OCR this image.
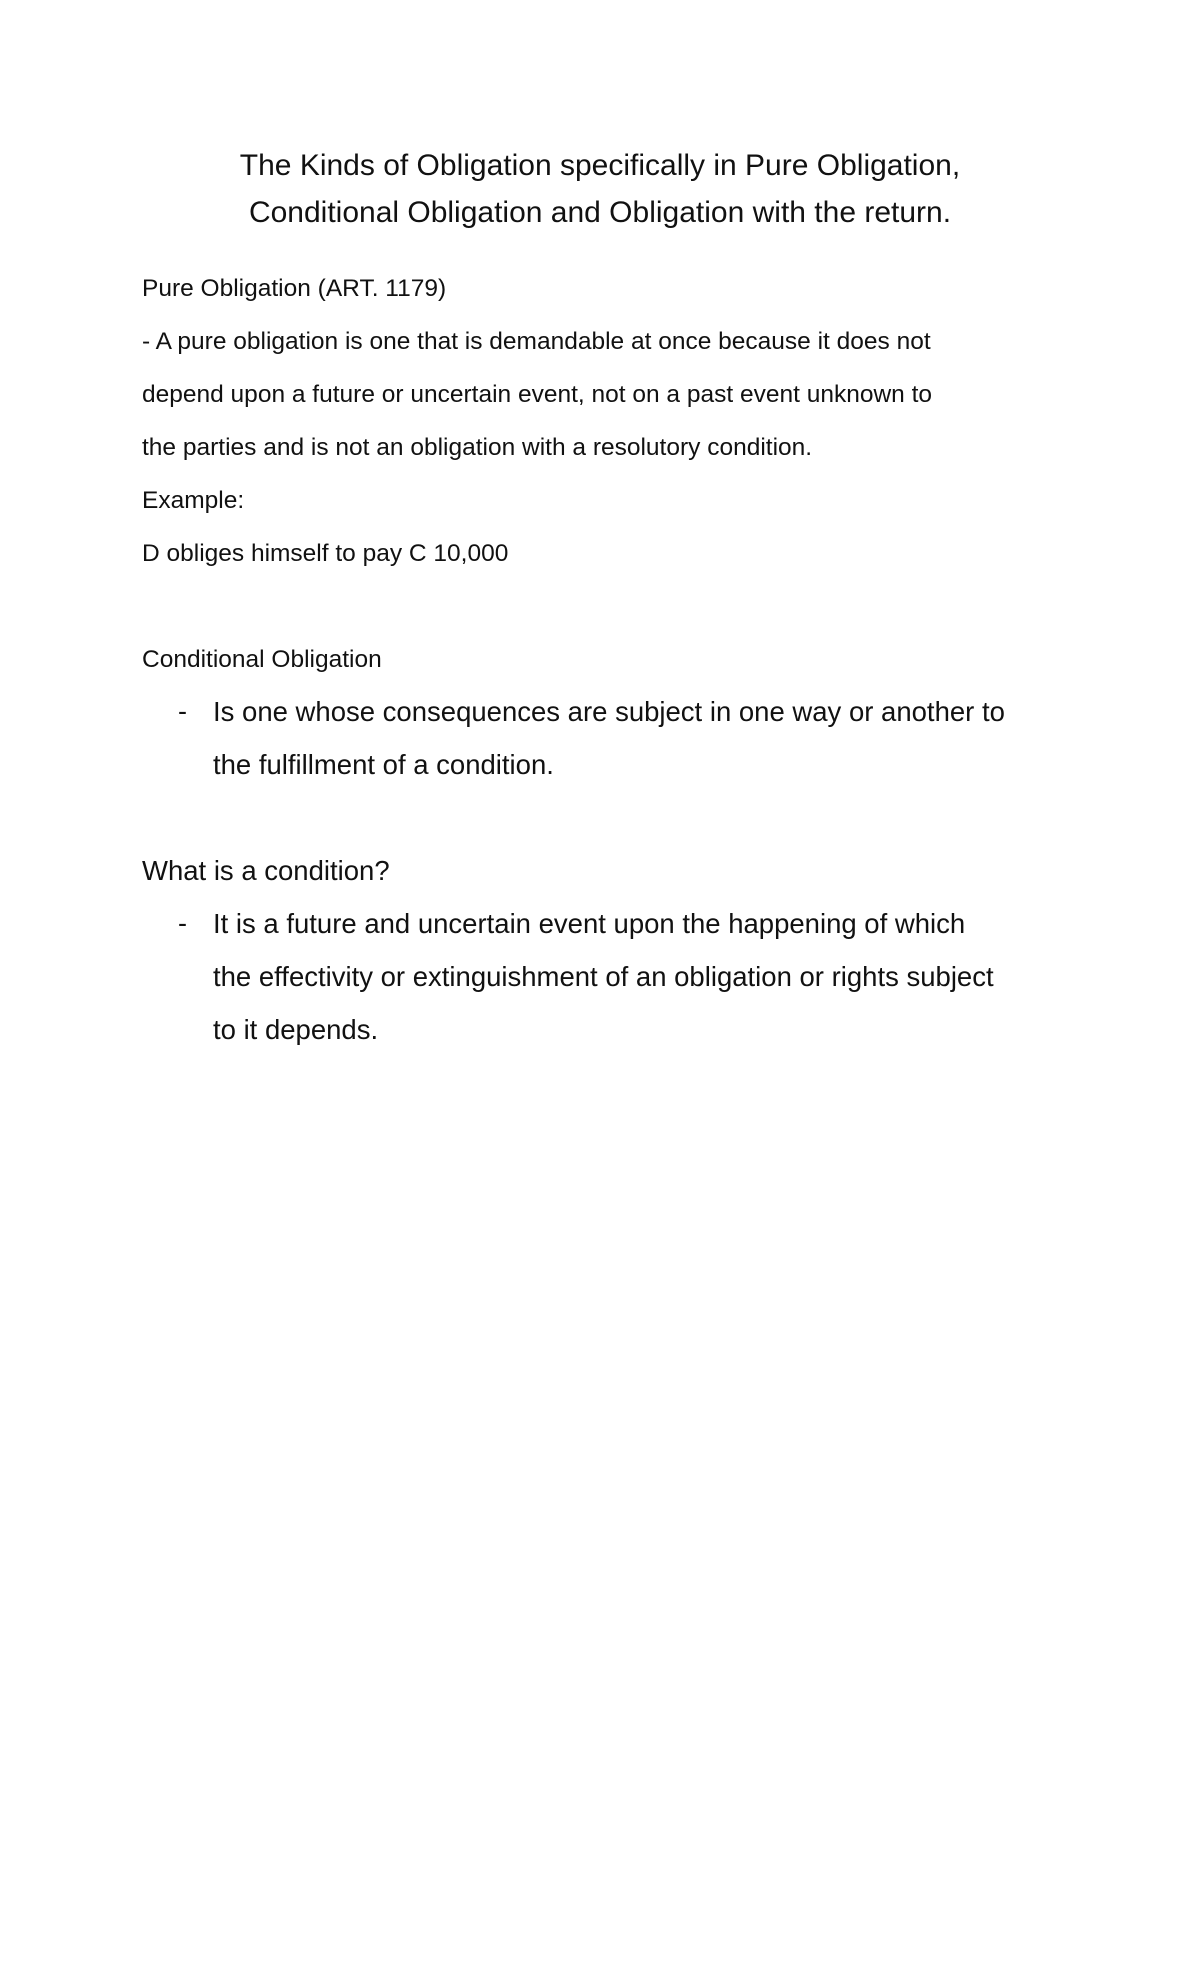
The Kinds of Obligation specifically in Pure Obligation,
Conditional Obligation and Obligation with the return.
Pure Obligation (ART. 1179)
- A pure obligation is one that is demandable at once because it does not
depend upon a future or uncertain event, not on a past event unknown to
the parties and is not an obligation with a resolutory condition.
Example:
D obliges himself to pay C 10,000
Conditional Obligation
- Is one whose consequences are subject in one way or another to
the fulfillment of a condition.
What is a condition?
- It is a future and uncertain event upon the happening of which
the effectivity or extinguishment of an obligation or rights subject
to it depends.
